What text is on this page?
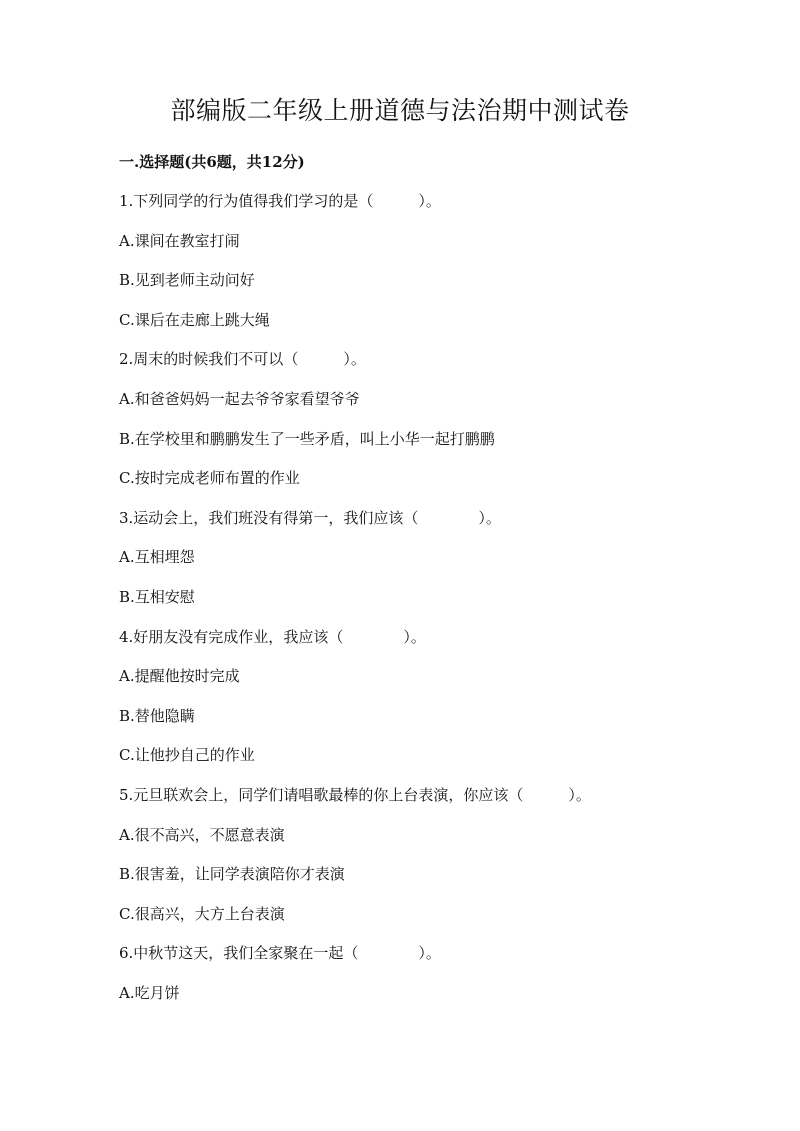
部编版二年级上册道德与法治期中测试卷
一.选择题(共6题，共12分)
1.下列同学的行为值得我们学习的是（　　　）。
A.课间在教室打闹
B.见到老师主动问好
C.课后在走廊上跳大绳
2.周末的时候我们不可以（　　　）。
A.和爸爸妈妈一起去爷爷家看望爷爷
B.在学校里和鹏鹏发生了一些矛盾，叫上小华一起打鹏鹏
C.按时完成老师布置的作业
3.运动会上，我们班没有得第一，我们应该（　　　　）。
A.互相埋怨
B.互相安慰
4.好朋友没有完成作业，我应该（　　　　）。
A.提醒他按时完成
B.替他隐瞒
C.让他抄自己的作业
5.元旦联欢会上，同学们请唱歌最棒的你上台表演，你应该（　　　）。
A.很不高兴，不愿意表演
B.很害羞，让同学表演陪你才表演
C.很高兴，大方上台表演
6.中秋节这天，我们全家聚在一起（　　　　）。
A.吃月饼
